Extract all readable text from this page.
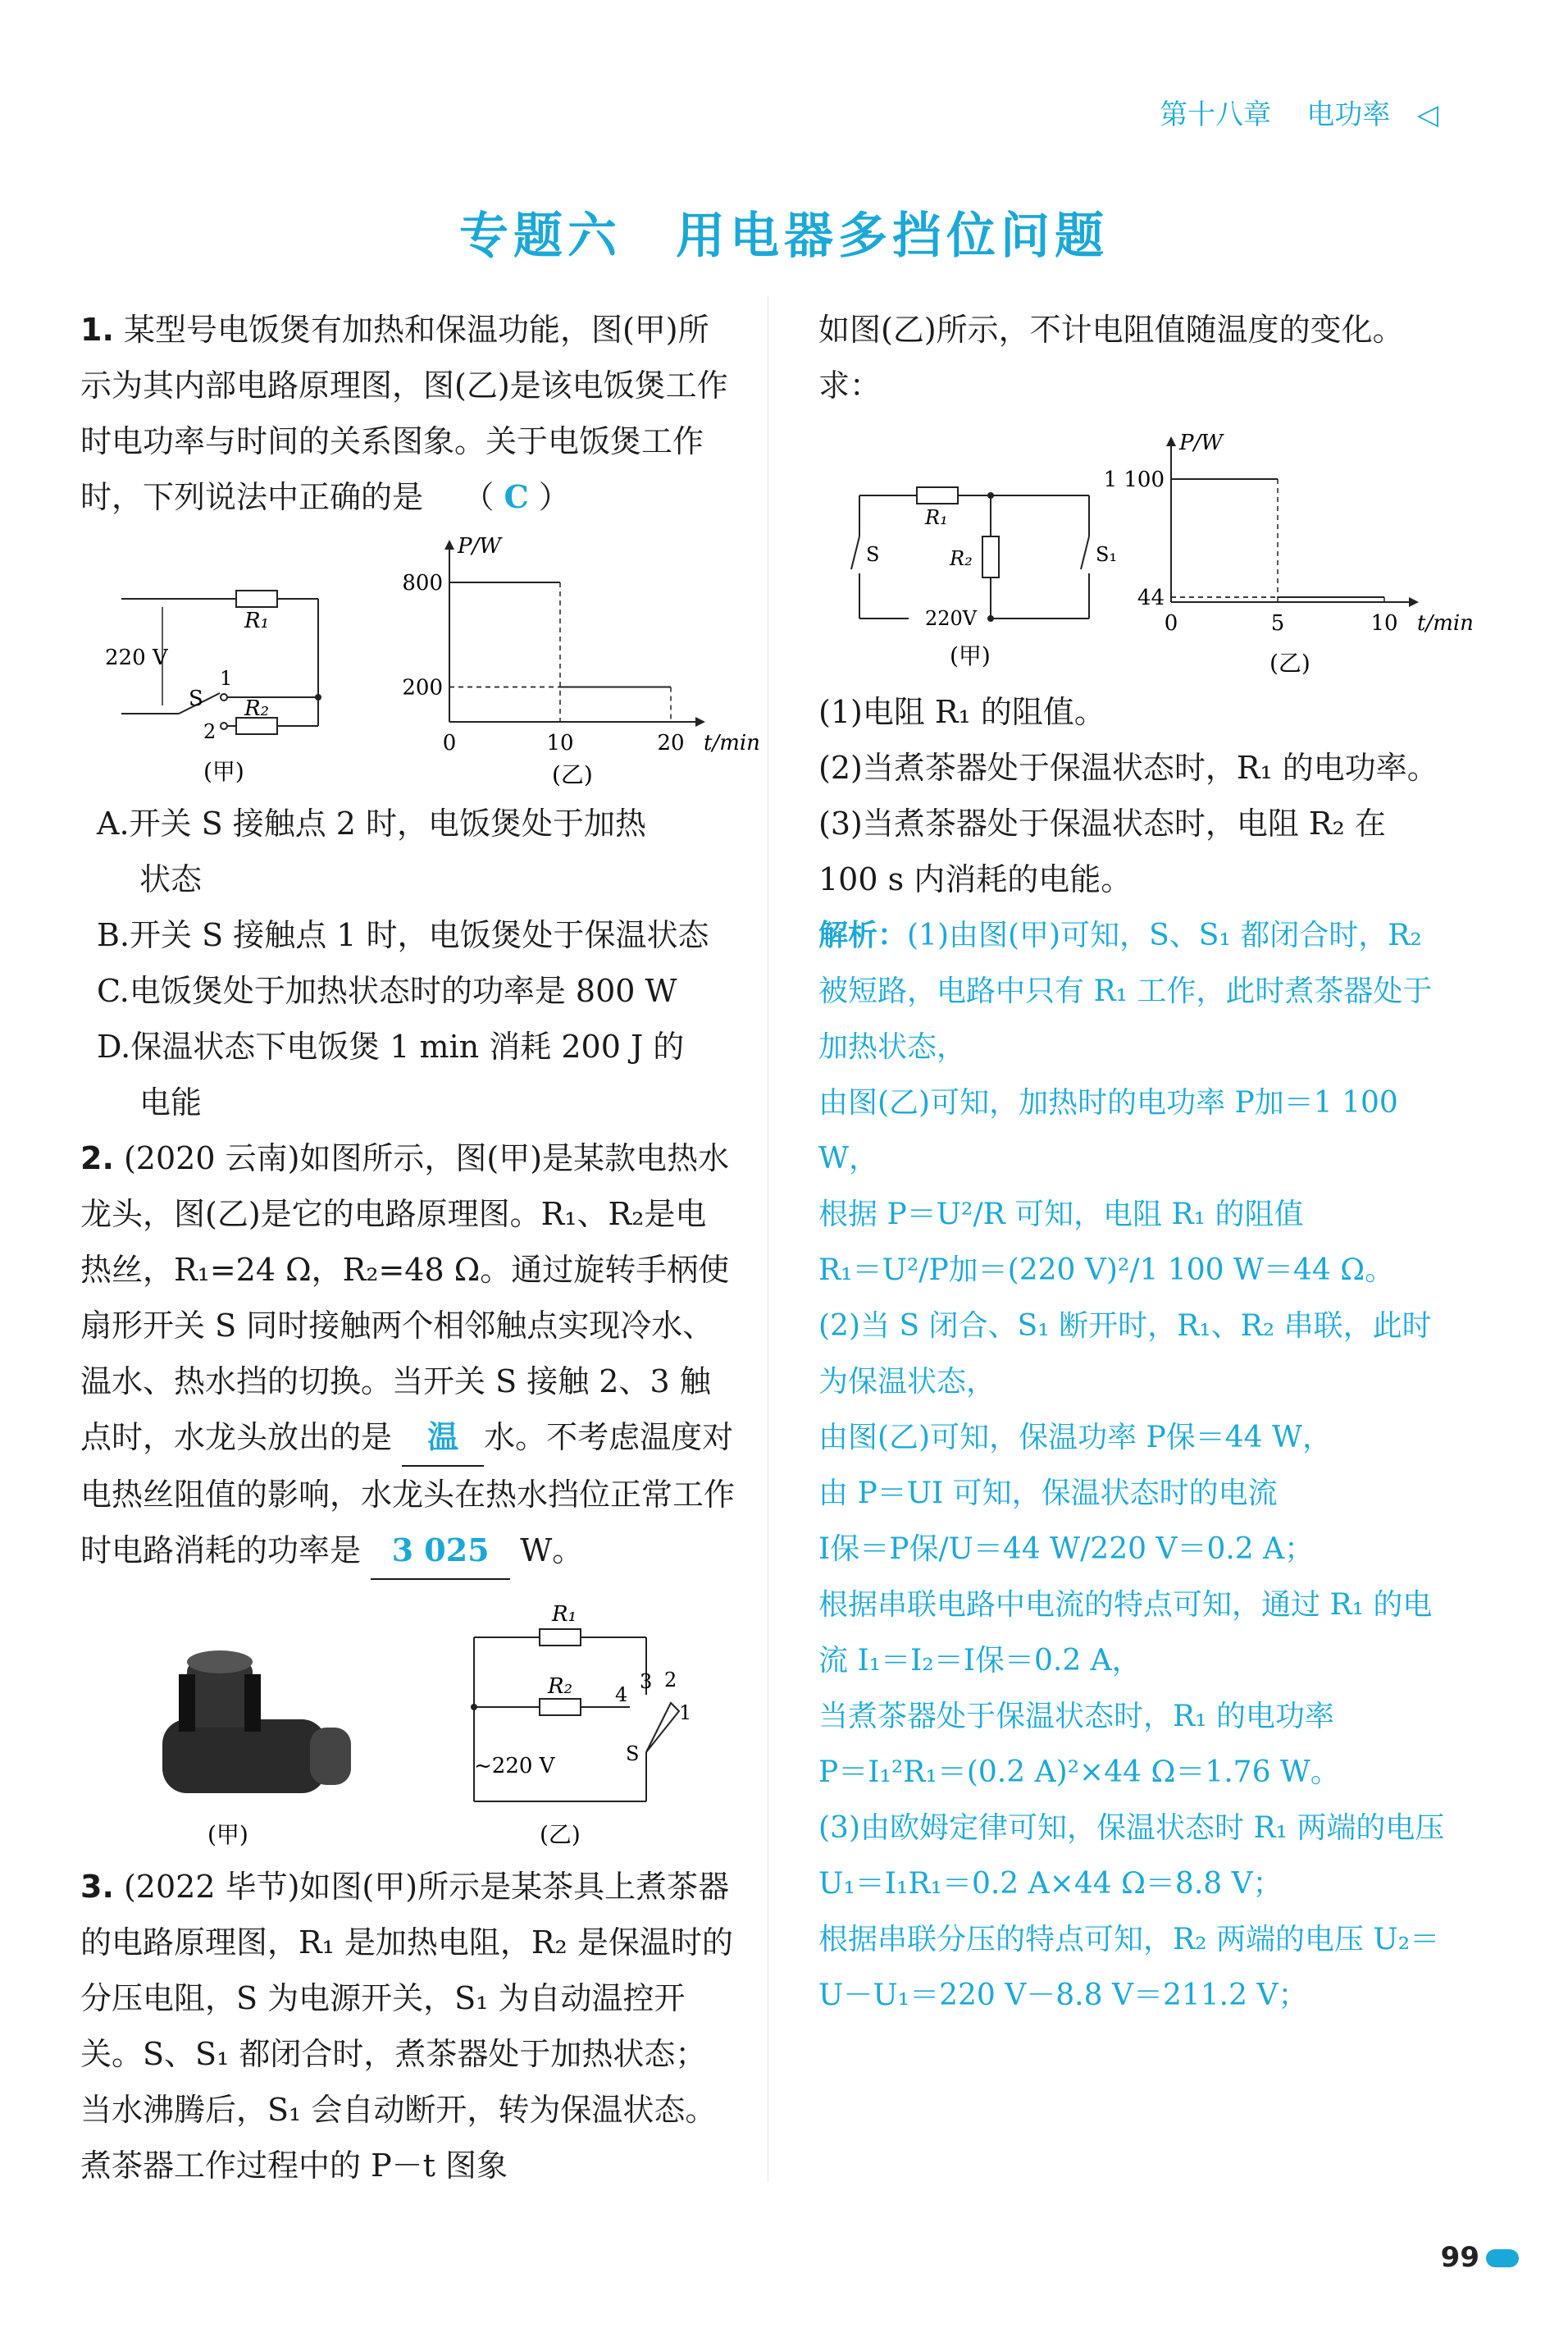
第十八章 电功率 ◁
专题六　用电器多挡位问题

1. 某型号电饭煲有加热和保温功能，图(甲)所示为其内部电路原理图，图(乙)是该电饭煲工作时电功率与时间的关系图象。关于电饭煲工作时，下列说法中正确的是 （ C ）

220 V
R₁
R₂
S
1
2
(甲)
800
200
0	10	20 t/min
P/W
(乙)

A.开关 S 接触点 2 时，电饭煲处于加热

状态

B.开关 S 接触点 1 时，电饭煲处于保温状态

C.电饭煲处于加热状态时的功率是 800 W

D.保温状态下电饭煲 1 min 消耗 200 J 的

电能

2. (2020 云南)如图所示，图(甲)是某款电热水龙头，图(乙)是它的电路原理图。R₁、R₂是电热丝，R₁=24 Ω，R₂=48 Ω。通过旋转手柄使扇形开关 S 同时接触两个相邻触点实现冷水、温水、热水挡的切换。当开关 S 接触 2、3 触点时，水龙头放出的是 温 水。不考虑温度对电热丝阻值的影响，水龙头在热水挡位正常工作时电路消耗的功率是 3 025 W。

(甲)
R₁
R₂
1
2
3
4
S
~220 V
(乙)

3. (2022 毕节)如图(甲)所示是某茶具上煮茶器的电路原理图，R₁ 是加热电阻，R₂ 是保温时的分压电阻，S 为电源开关，S₁ 为自动温控开关。S、S₁ 都闭合时，煮茶器处于加热状态；当水沸腾后，S₁ 会自动断开，转为保温状态。煮茶器工作过程中的 P－t 图象

如图(乙)所示，不计电阻值随温度的变化。求：

R₁
R₂
S	S₁
220V
(甲)
1 100
44
0	5	10 t/min
P/W
(乙)

(1)电阻 R₁ 的阻值。

(2)当煮茶器处于保温状态时，R₁ 的电功率。

(3)当煮茶器处于保温状态时，电阻 R₂ 在 100 s 内消耗的电能。

解析：(1)由图(甲)可知，S、S₁ 都闭合时，R₂ 被短路，电路中只有 R₁ 工作，此时煮茶器处于加热状态，

由图(乙)可知，加热时的电功率 P加＝1 100 W，

根据 P＝U²/R 可知，电阻 R₁ 的阻值

R₁＝U²/P加＝(220 V)²/1 100 W＝44 Ω。

(2)当 S 闭合、S₁ 断开时，R₁、R₂ 串联，此时为保温状态，

由图(乙)可知，保温功率 P保＝44 W，

由 P＝UI 可知，保温状态时的电流

I保＝P保/U＝44 W/220 V＝0.2 A；

根据串联电路中电流的特点可知，通过 R₁ 的电流 I₁＝I₂＝I保＝0.2 A，

当煮茶器处于保温状态时，R₁ 的电功率

P＝I₁²R₁＝(0.2 A)²×44 Ω＝1.76 W。

(3)由欧姆定律可知，保温状态时 R₁ 两端的电压 U₁＝I₁R₁＝0.2 A×44 Ω＝8.8 V；

根据串联分压的特点可知，R₂ 两端的电压 U₂＝U－U₁＝220 V－8.8 V＝211.2 V；

99
